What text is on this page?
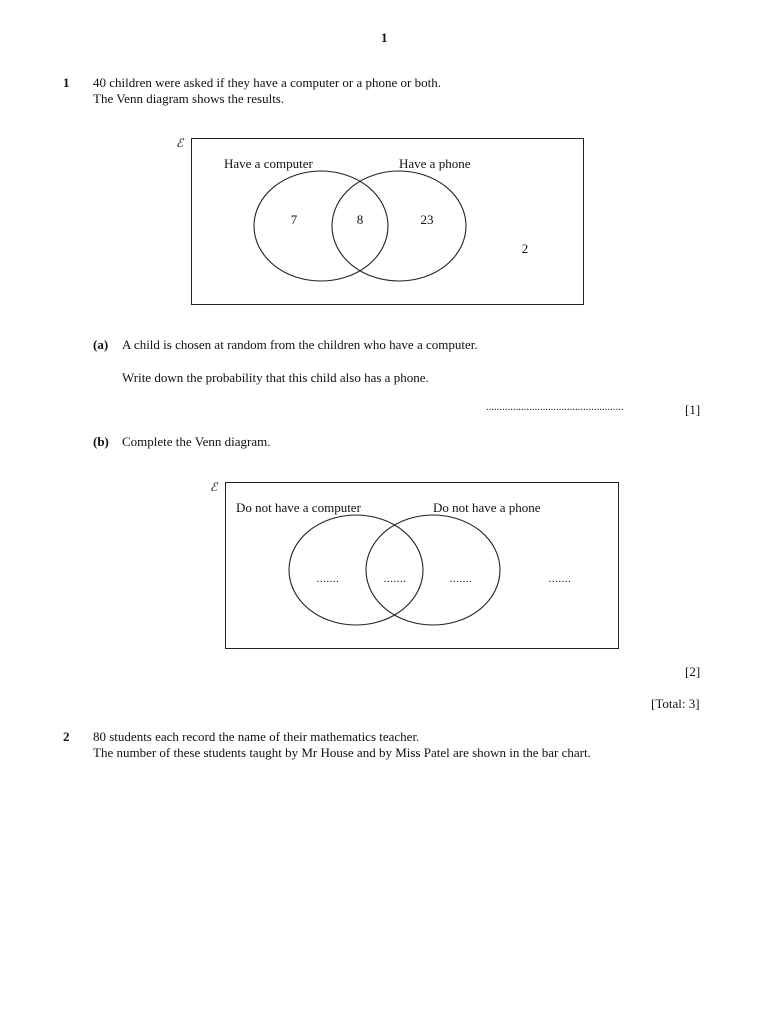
1
1 40 children were asked if they have a computer or a phone or both.
The Venn diagram shows the results.
ℰ
Have a computer	Have a phone
7	8	23
2
(a) A child is chosen at random from the children who have a computer.
Write down the probability that this child also has a phone.
...................................................	[1]
(b) Complete the Venn diagram.
ℰ
Do not have a computer	Do not have a phone
.......	.......	.......	.......
[2]
[Total: 3]
2 80 students each record the name of their mathematics teacher.
The number of these students taught by Mr House and by Miss Patel are shown in the bar chart.
